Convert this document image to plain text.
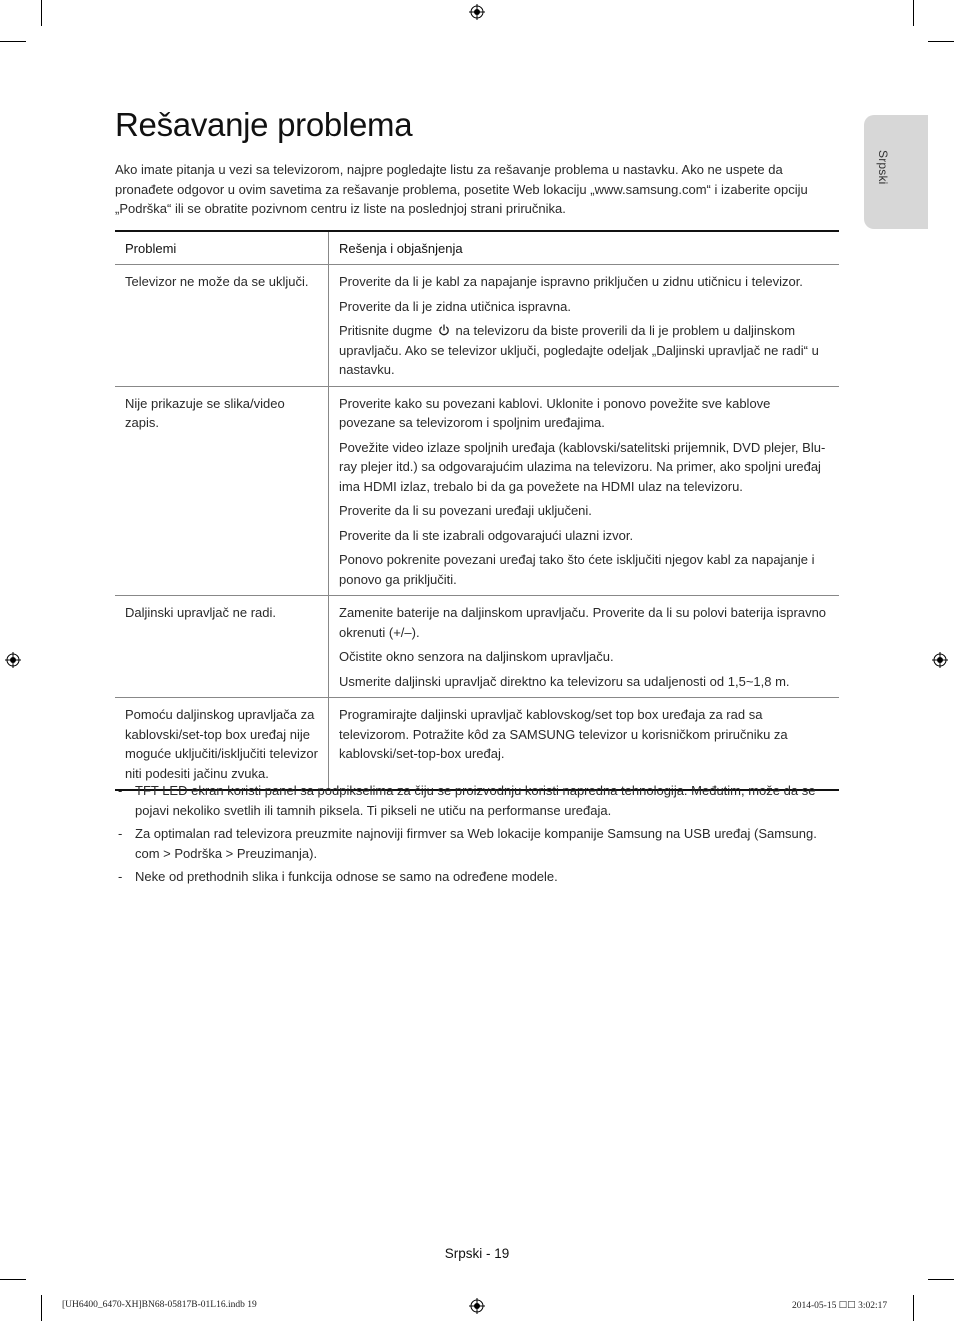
Srpski
Rešavanje problema

Ako imate pitanja u vezi sa televizorom, najpre pogledajte listu za rešavanje problema u nastavku. Ako ne uspete da pronađete odgovor u ovim savetima za rešavanje problema, posetite Web lokaciju „www.samsung.com“ i izaberite opciju „Podrška“ ili se obratite pozivnom centru iz liste na poslednjoj strani priručnika.

Problemi	Rešenja i objašnjenja
Televizor ne može da se uključi.	Proverite da li je kabl za napajanje ispravno priključen u zidnu utičnicu i televizor.

Proverite da li je zidna utičnica ispravna.

Pritisnite dugme na televizoru da biste proverili da li je problem u daljinskom upravljaču. Ako se televizor uključi, pogledajte odeljak „Daljinski upravljač ne radi“ u nastavku.

Nije prikazuje se slika/video zapis.	Proverite kako su povezani kablovi. Uklonite i ponovo povežite sve kablove povezane sa televizorom i spoljnim uređajima.

Povežite video izlaze spoljnih uređaja (kablovski/satelitski prijemnik, DVD plejer, Blu-ray plejer itd.) sa odgovarajućim ulazima na televizoru. Na primer, ako spoljni uređaj ima HDMI izlaz, trebalo bi da ga povežete na HDMI ulaz na televizoru.

Proverite da li su povezani uređaji uključeni.

Proverite da li ste izabrali odgovarajući ulazni izvor.

Ponovo pokrenite povezani uređaj tako što ćete isključiti njegov kabl za napajanje i ponovo ga priključiti.

Daljinski upravljač ne radi.	Zamenite baterije na daljinskom upravljaču. Proverite da li su polovi baterija ispravno okrenuti (+/–).

Očistite okno senzora na daljinskom upravljaču.

Usmerite daljinski upravljač direktno ka televizoru sa udaljenosti od 1,5~1,8 m.

Pomoću daljinskog upravljača za kablovski/set-top box uređaj nije moguće uključiti/isključiti televizor niti podesiti jačinu zvuka.	Programirajte daljinski upravljač kablovskog/set top box uređaja za rad sa televizorom. Potražite kôd za SAMSUNG televizor u korisničkom priručniku za kablovski/set-top-box uređaj.

- TFT LED ekran koristi panel sa podpikselima za čiju se proizvodnju koristi napredna tehnologija. Međutim, može da se pojavi nekoliko svetlih ili tamnih piksela. Ti pikseli ne utiču na performanse uređaja.
- Za optimalan rad televizora preuzmite najnoviji firmver sa Web lokacije kompanije Samsung na USB uređaj (Samsung. com > Podrška > Preuzimanja).
- Neke od prethodnih slika i funkcija odnose se samo na određene modele.
Srpski - 19
[UH6400_6470-XH]BN68-05817B-01L16.indb 19	2014-05-15 ☐☐ 3:02:17
